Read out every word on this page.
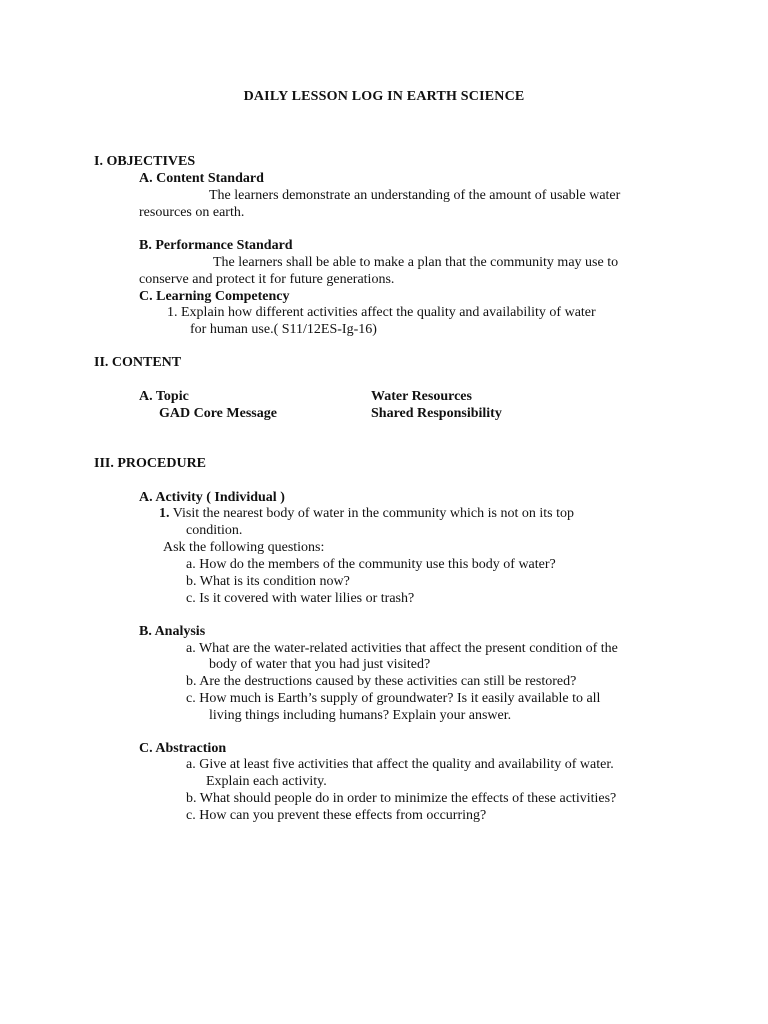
DAILY LESSON LOG IN EARTH SCIENCE
I. OBJECTIVES
A. Content Standard
The learners demonstrate an understanding of the amount of usable water
resources on earth.
B. Performance Standard
The learners shall be able to make a plan that the community may use to
conserve and protect it for future generations.
C. Learning Competency
1. Explain how different activities affect the quality and availability of water
for human use.( S11/12ES-Ig-16)
II. CONTENT
A. Topic	Water Resources
GAD Core Message	Shared Responsibility
III. PROCEDURE
A. Activity ( Individual )
1. Visit the nearest body of water in the community which is not on its top
condition.
Ask the following questions:
a. How do the members of the community use this body of water?
b. What is its condition now?
c. Is it covered with water lilies or trash?
B. Analysis
a. What are the water-related activities that affect the present condition of the
body of water that you had just visited?
b. Are the destructions caused by these activities can still be restored?
c. How much is Earth’s supply of groundwater? Is it easily available to all
living things including humans? Explain your answer.
C. Abstraction
a. Give at least five activities that affect the quality and availability of water.
Explain each activity.
b. What should people do in order to minimize the effects of these activities?
c. How can you prevent these effects from occurring?
